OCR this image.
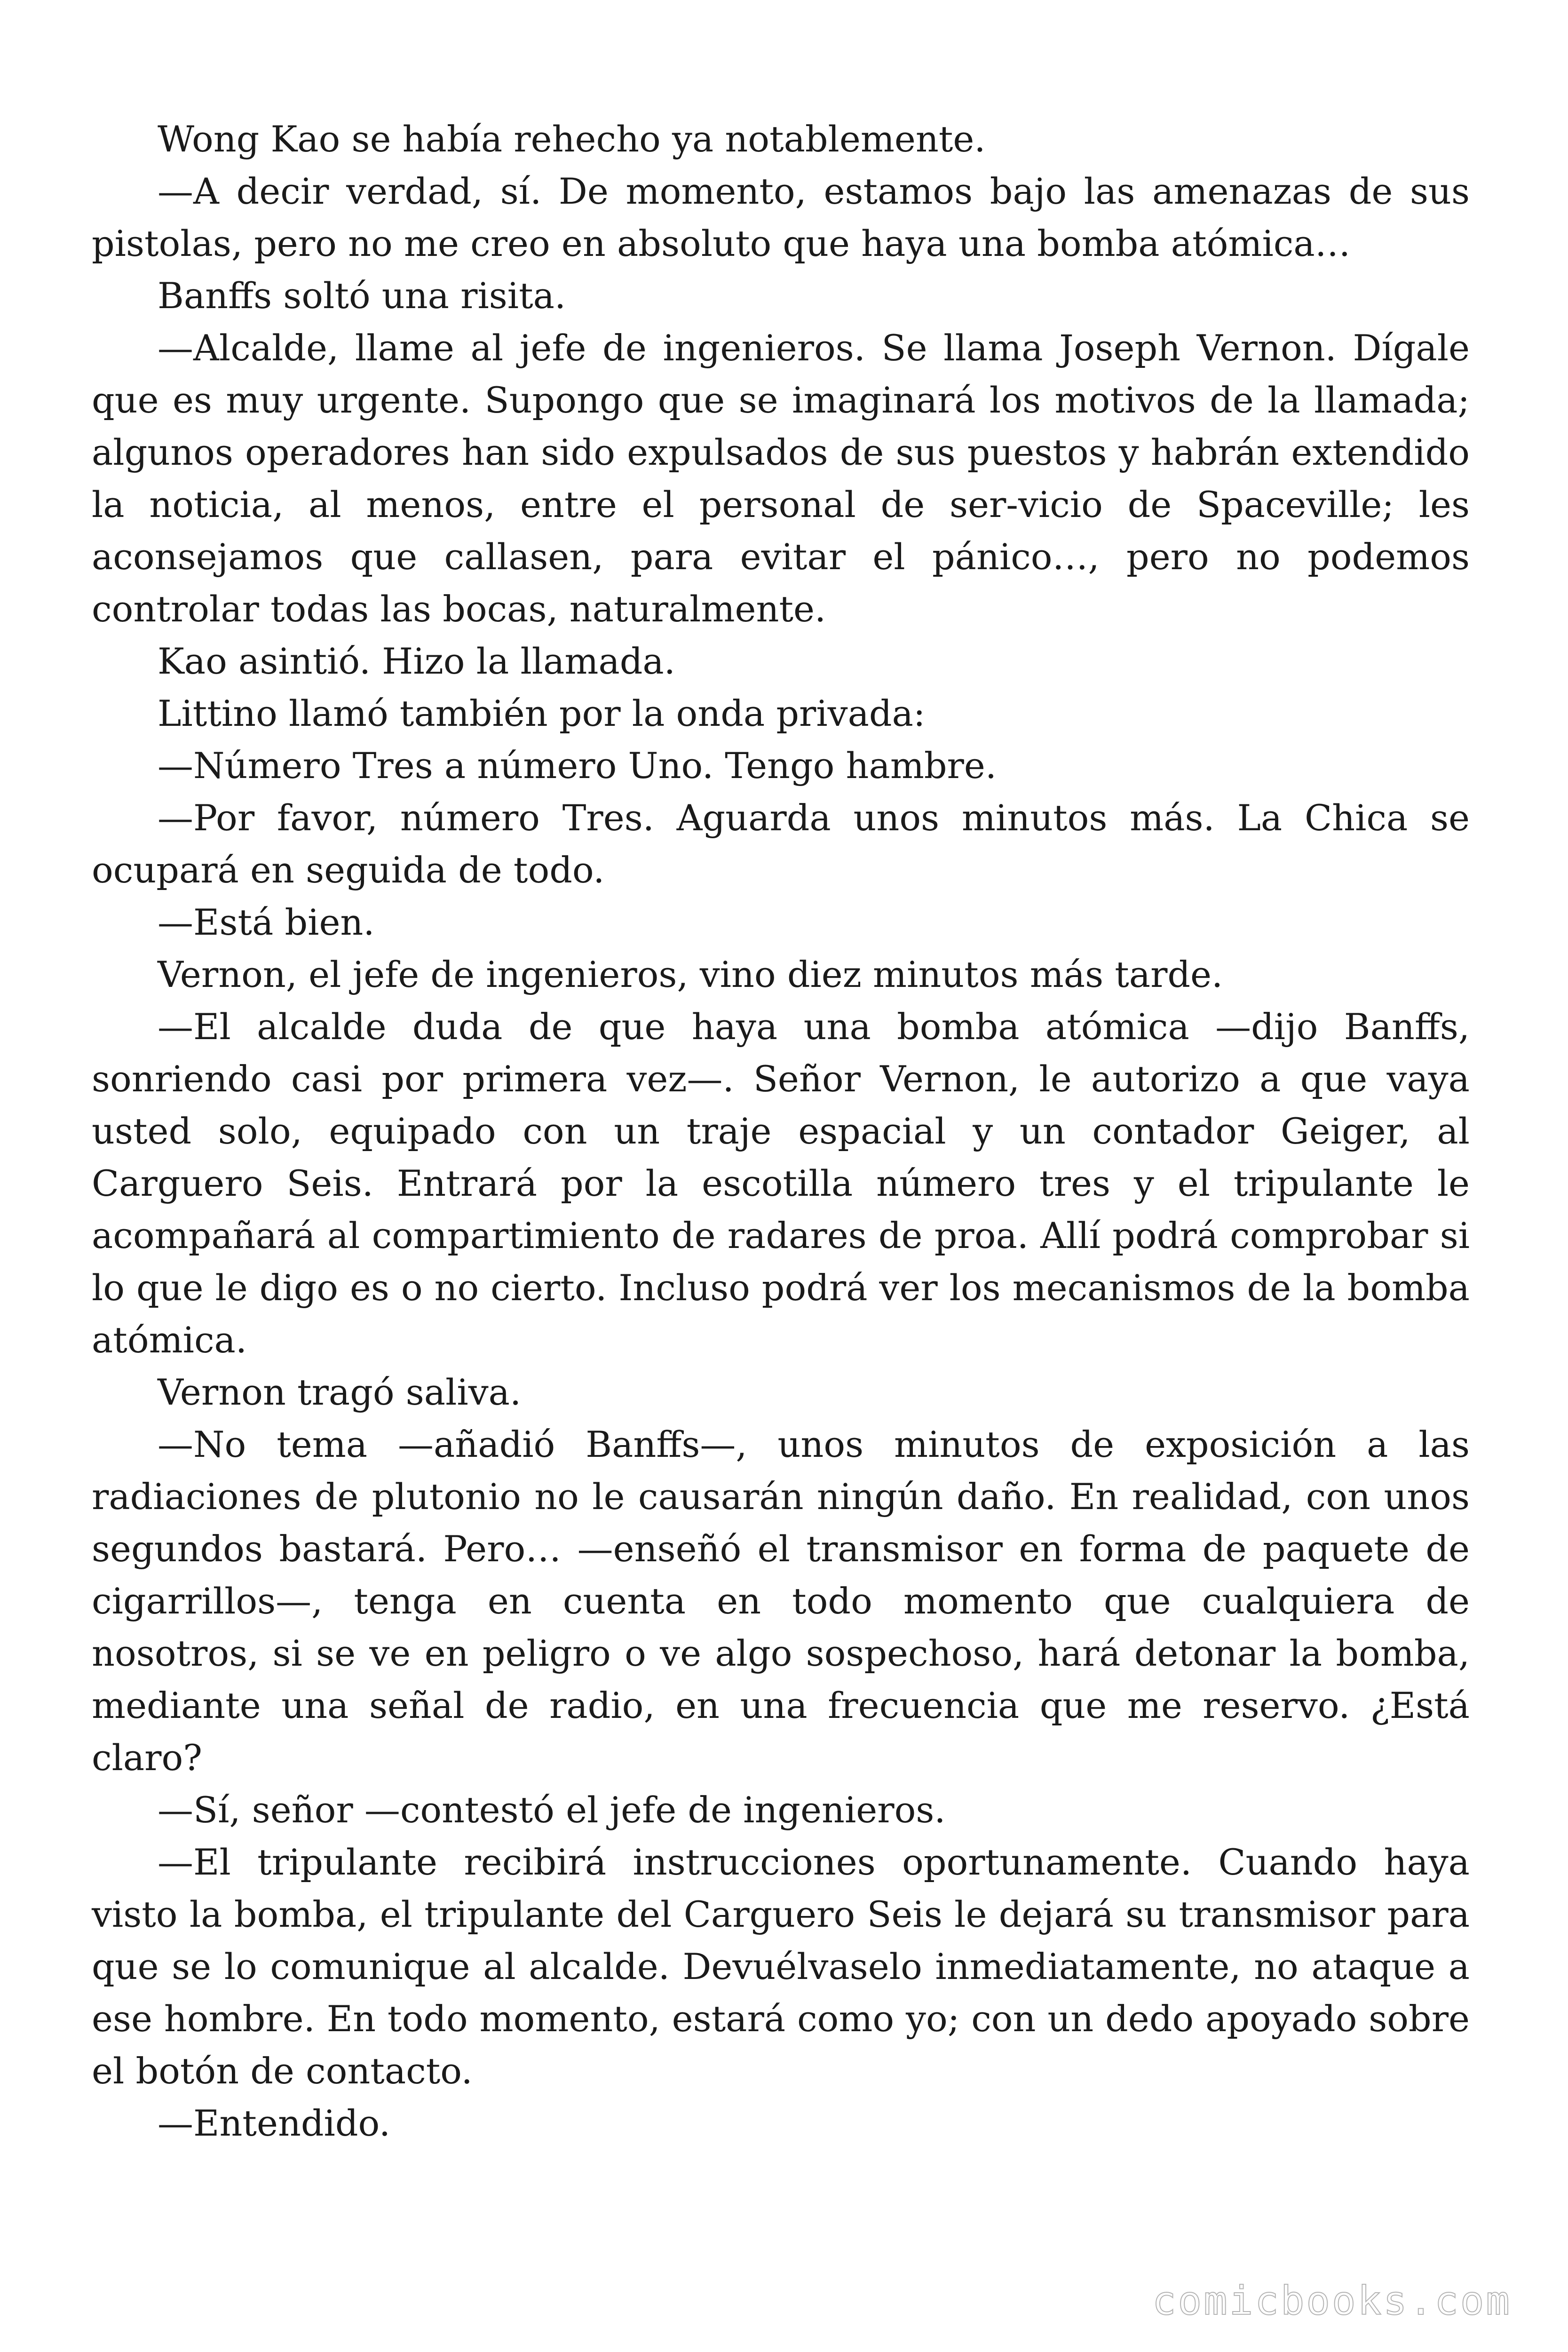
Wong Kao se había rehecho ya notablemente.

—A decir verdad, sí. De momento, estamos bajo las amenazas de sus pistolas, pero no me creo en absoluto que haya una bomba atómica…

Banffs soltó una risita.

—Alcalde, llame al jefe de ingenieros. Se llama Joseph Vernon. Dígale que es muy urgente. Supongo que se imaginará los motivos de la llamada; algunos operadores han sido expulsados de sus puestos y habrán extendido la noticia, al menos, entre el personal de ser-vicio de Spaceville; les aconsejamos que callasen, para evitar el pánico…, pero no podemos controlar todas las bocas, naturalmente.

Kao asintió. Hizo la llamada.

Littino llamó también por la onda privada:

—Número Tres a número Uno. Tengo hambre.

—Por favor, número Tres. Aguarda unos minutos más. La Chica se ocupará en seguida de todo.

—Está bien.

Vernon, el jefe de ingenieros, vino diez minutos más tarde.

—El alcalde duda de que haya una bomba atómica —dijo Banffs, sonriendo casi por primera vez—. Señor Vernon, le autorizo a que vaya usted solo, equipado con un traje espacial y un contador Geiger, al Carguero Seis. Entrará por la escotilla número tres y el tripulante le acompañará al compartimiento de radares de proa. Allí podrá comprobar si lo que le digo es o no cierto. Incluso podrá ver los mecanismos de la bomba atómica.

Vernon tragó saliva.

—No tema —añadió Banffs—, unos minutos de exposición a las radiaciones de plutonio no le causarán ningún daño. En realidad, con unos segundos bastará. Pero… —enseñó el transmisor en forma de paquete de cigarrillos—, tenga en cuenta en todo momento que cualquiera de nosotros, si se ve en peligro o ve algo sospechoso, hará detonar la bomba, mediante una señal de radio, en una frecuencia que me reservo. ¿Está claro?

—Sí, señor —contestó el jefe de ingenieros.

—El tripulante recibirá instrucciones oportunamente. Cuando haya visto la bomba, el tripulante del Carguero Seis le dejará su transmisor para que se lo comunique al alcalde. Devuélvaselo inmediatamente, no ataque a ese hombre. En todo momento, estará como yo; con un dedo apoyado sobre el botón de contacto.

—Entendido.

comicbooks.com
